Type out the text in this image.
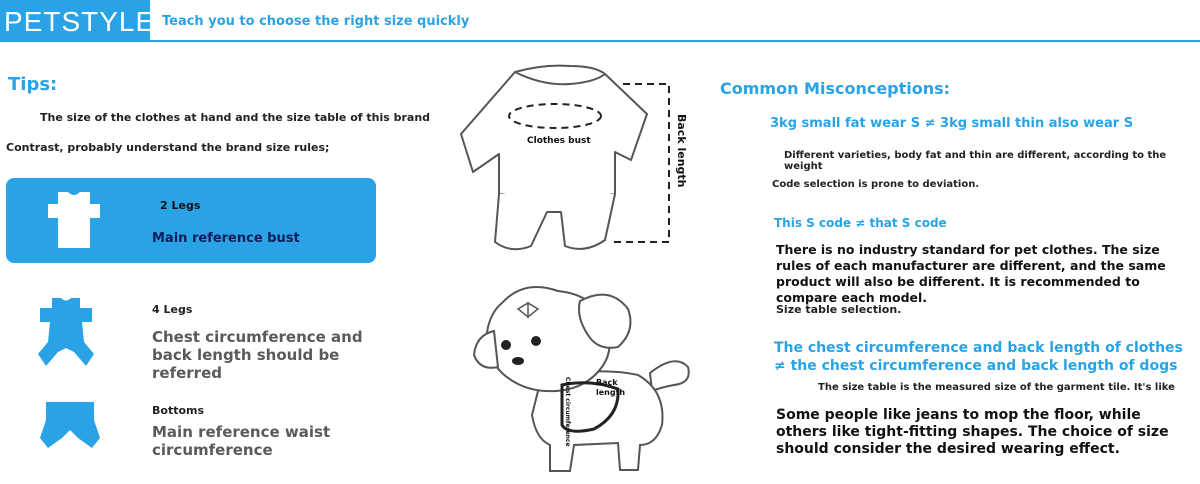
PETSTYLE Teach you to choose the right size quickly
Tips:
The size of the clothes at hand and the size table of this brand
Contrast, probably understand the brand size rules;
2 Legs
Main reference bust
4 Legs
Chest circumference and back length should be referred
Bottoms
Main reference waist circumference
Clothes bust	Back length
Back
length
Chest circumference
Common Misconceptions:
3kg small fat wear S ≠ 3kg small thin also wear S
Different varieties, body fat and thin are different, according to the weight
Code selection is prone to deviation.
This S code ≠ that S code
There is no industry standard for pet clothes. The size rules of each manufacturer are different, and the same product will also be different. It is recommended to compare each model.
Size table selection.
The chest circumference and back length of clothes ≠ the chest circumference and back length of dogs
The size table is the measured size of the garment tile. It's like
Some people like jeans to mop the floor, while others like tight-fitting shapes. The choice of size should consider the desired wearing effect.
